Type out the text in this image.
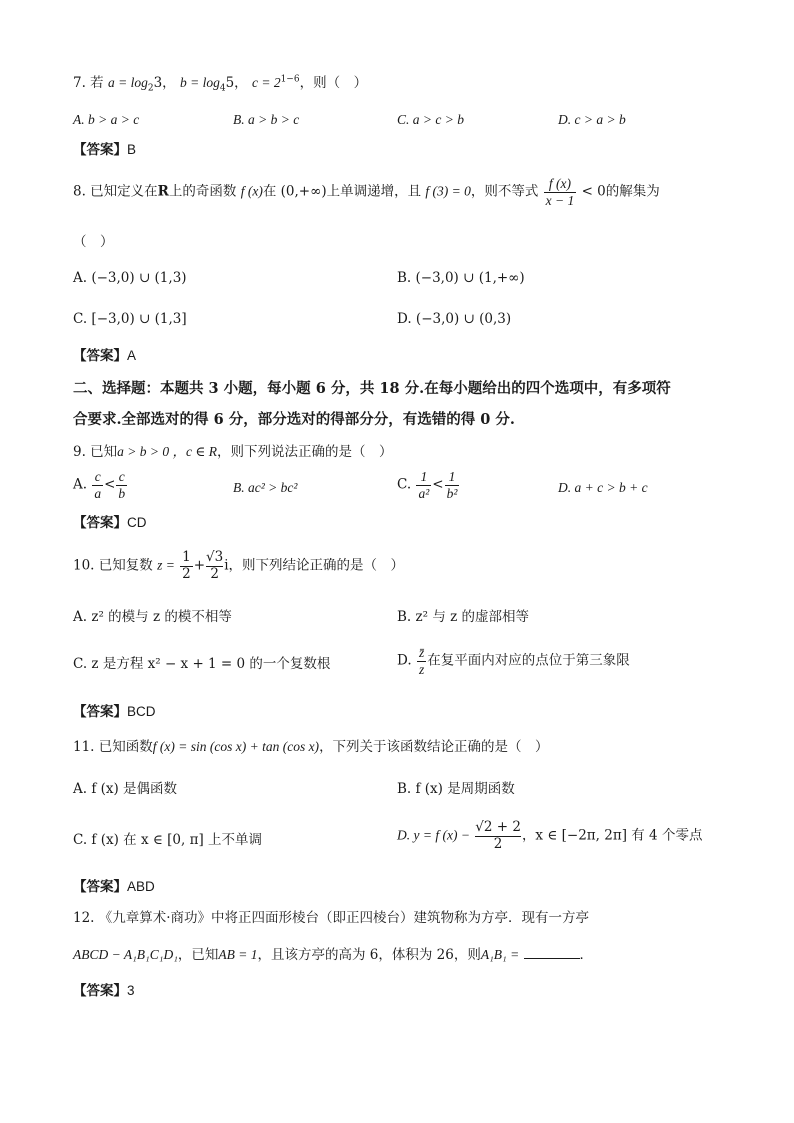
7. 若 $a = \log_23$， $b = \log_45$， $c = 2^{1-6}$，则（　）
A. b > a > c	B. a > b > c	C. a > c > b	D. c > a > b
【答案】B
8. 已知定义在R上的奇函数 f (x)在 (0,+∞)上单调递增，且 f (3) = 0，则不等式 $\frac{f (x)}{x - 1} < 0$的解集为
（　）
A. (−3,0) ∪ (1,3)	B. (−3,0) ∪ (1,+∞)
C. [−3,0) ∪ (1,3]	D. (−3,0) ∪ (0,3)
【答案】A
二、选择题：本题共 3 小题，每小题 6 分，共 18 分.在每小题给出的四个选项中，有多项符
合要求.全部选对的得 6 分，部分选对的得部分分，有选错的得 0 分.
9. 已知a > b > 0 ，c ∈ R，则下列说法正确的是（　）
A. $\frac{c}{a} < \frac{c}{b}$	B. ac² > bc²	C. $\frac{1}{\text{a²}} < \frac{1}{\text{b²}}$	D. a + c > b + c
【答案】CD
10. 已知复数 $z = \frac{1}{2} + \frac{√3}{2}$ i，则下列结论正确的是（　）
A. z² 的模与 z 的模不相等	B. z² 与 z 的虚部相等
C. z 是方程 x² − x + 1 = 0 的一个复数根	D. $\frac{z̄}{z}$ 在复平面内对应的点位于第三象限
【答案】BCD
11. 已知函数f (x) = sin (cos x) + tan (cos x)，下列关于该函数结论正确的是（　）
A. f (x) 是偶函数	B. f (x) 是周期函数
C. f (x) 在 x ∈ [0, π] 上不单调	D. y = f $(x) - \frac{√2 + 2}{2}$ ，x ∈ [−2π, 2π] 有 4 个零点
【答案】ABD
12. 《九章算术·商功》中将正四面形棱台（即正四棱台）建筑物称为方亭．现有一方亭
ABCD − A₁B₁C₁D₁，已知AB = 1，且该方亭的高为 6，体积为 26，则A₁B₁ =	．
【答案】3
